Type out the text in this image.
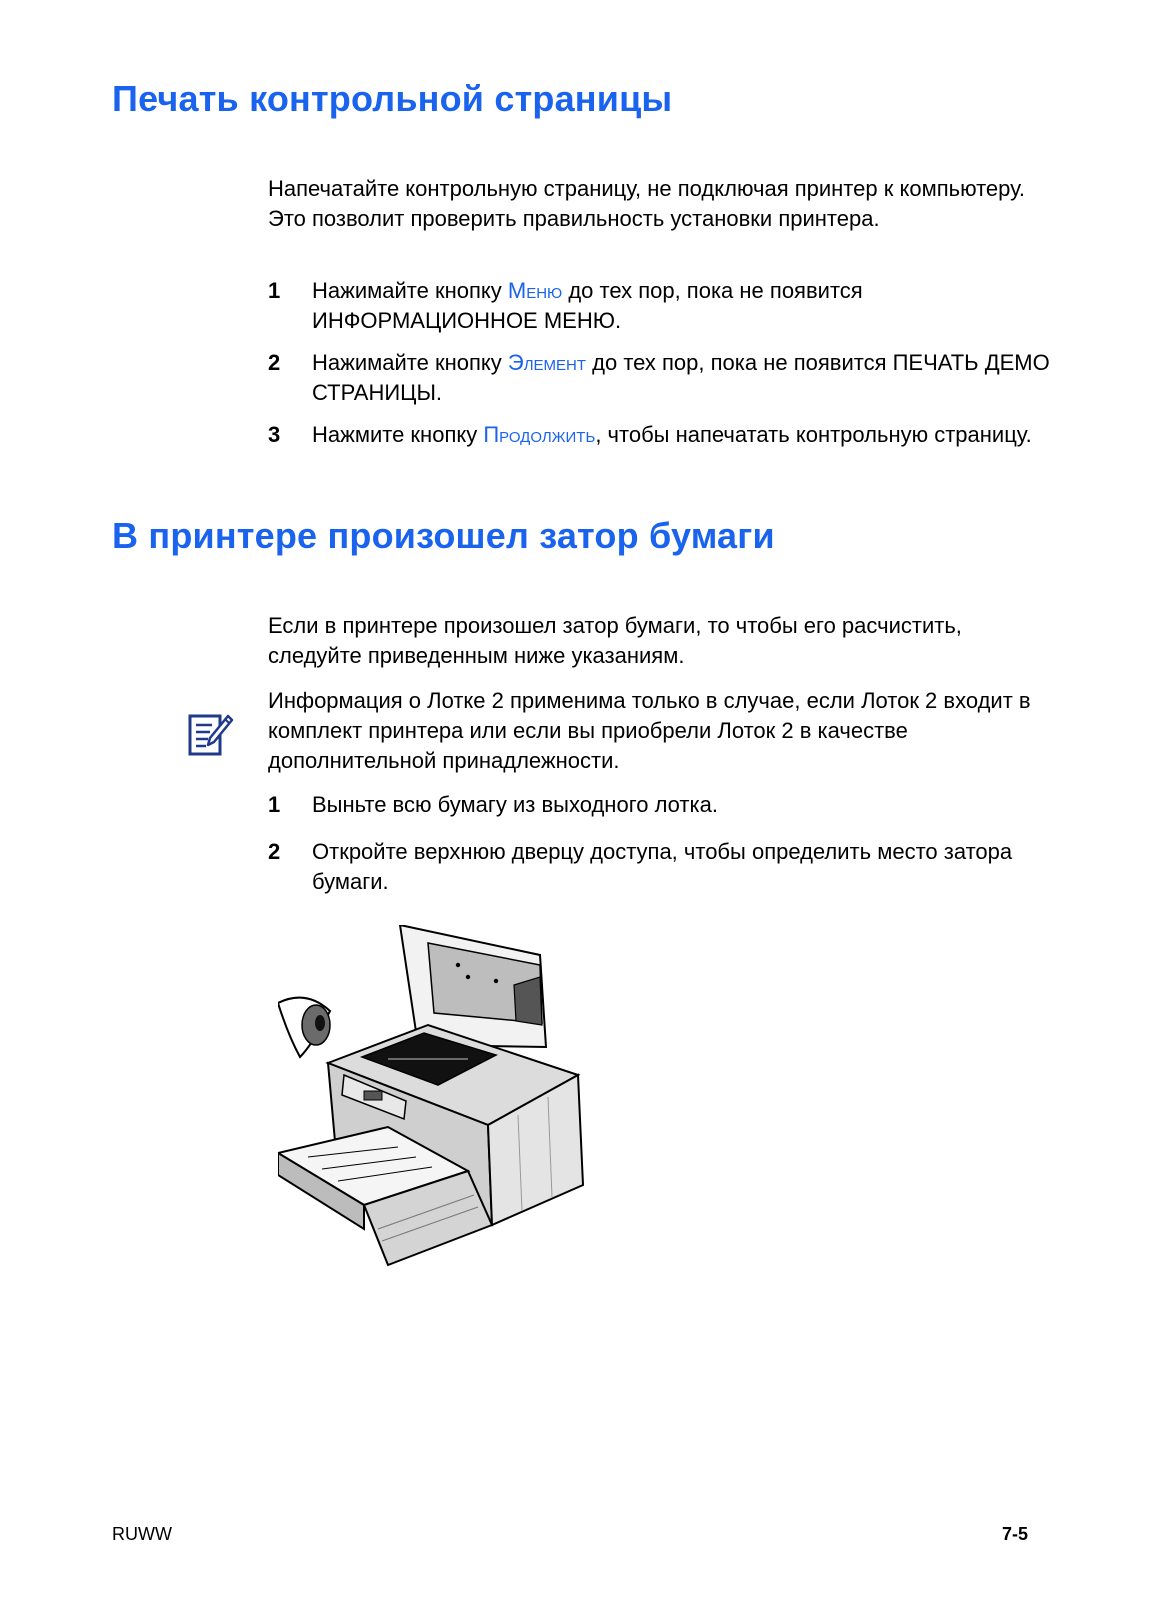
Печать контрольной страницы

Напечатайте контрольную страницу, не подключая принтер к компьютеру. Это позволит проверить правильность установки принтера.

1 Нажимайте кнопку Меню до тех пор, пока не появится ИНФОРМАЦИОННОЕ МЕНЮ.
2 Нажимайте кнопку Элемент до тех пор, пока не появится ПЕЧАТЬ ДЕМО СТРАНИЦЫ.
3 Нажмите кнопку Продолжить, чтобы напечатать контрольную страницу.
В принтере произошел затор бумаги

Если в принтере произошел затор бумаги, то чтобы его расчистить, следуйте приведенным ниже указаниям.

Информация о Лотке 2 применима только в случае, если Лоток 2 входит в комплект принтера или если вы приобрели Лоток 2 в качестве дополнительной принадлежности.

1 Выньте всю бумагу из выходного лотка.
2 Откройте верхнюю дверцу доступа, чтобы определить место затора бумаги.
RUWW	7-5
